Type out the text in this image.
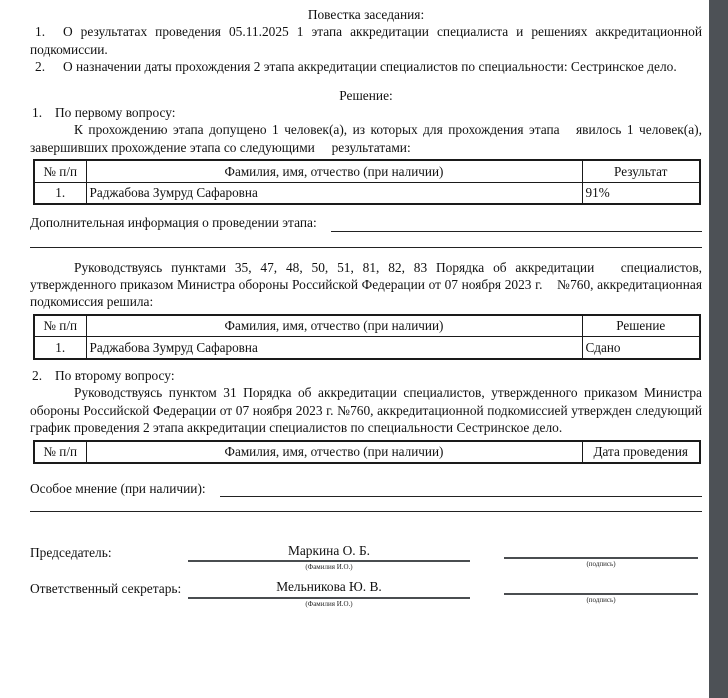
Повестка заседания:
1. О результатах проведения 05.11.2025 1 этапа аккредитации специалиста и решениях аккредитационной подкомиссии.
2. О назначении даты прохождения 2 этапа аккредитации специалистов по специальности: Сестринское дело.
Решение:
1. По первому вопросу:
К прохождению этапа допущено 1 человек(а), из которых для прохождения этапа   явилось 1 человек(а), завершивших прохождение этапа со следующими     результатами:
№ п/п	Фамилия, имя, отчество (при наличии)	Результат
1.	Раджабова Зумруд Сафаровна	91%
Дополнительная информация о проведении этапа:
Руководствуясь пунктами 35, 47, 48, 50, 51, 81, 82, 83 Порядка об аккредитации   специалистов, утвержденного приказом Министра обороны Российской Федерации от 07 ноября 2023 г.    №760, аккредитационная подкомиссия решила:
№ п/п	Фамилия, имя, отчество (при наличии)	Решение
1.	Раджабова Зумруд Сафаровна	Сдано
2. По второму вопросу:
Руководствуясь пунктом 31 Порядка об аккредитации специалистов, утвержденного приказом Министра обороны Российской Федерации от 07 ноября 2023 г. №760, аккредитационной подкомиссией утвержден следующий график проведения 2 этапа аккредитации специалистов по специальности Сестринское дело.
№ п/п	Фамилия, имя, отчество (при наличии)	Дата проведения
Особое мнение (при наличии):
Председатель:	Маркина О. Б.
(Фамилия И.О.)	(подпись)
Ответственный секретарь:	Мельникова Ю. В.
(Фамилия И.О.)	(подпись)
